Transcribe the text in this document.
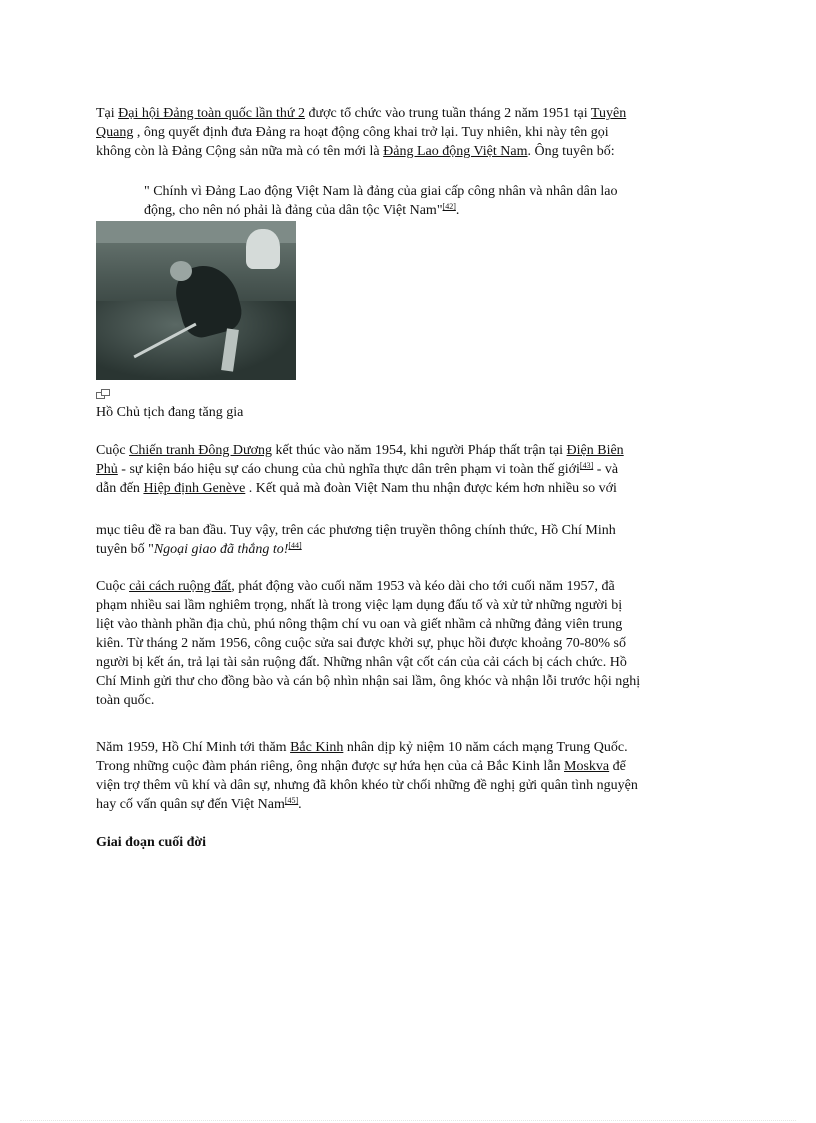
Tại Đại hội Đảng toàn quốc lần thứ 2 được tổ chức vào trung tuần tháng 2 năm 1951 tại Tuyên
Quang , ông quyết định đưa Đảng ra hoạt động công khai trở lại. Tuy nhiên, khi này tên gọi
không còn là Đảng Cộng sản nữa mà có tên mới là Đảng Lao động Việt Nam. Ông tuyên bố:
" Chính vì Đảng Lao động Việt Nam là đảng của giai cấp công nhân và nhân dân lao
động, cho nên nó phải là đảng của dân tộc Việt Nam"[42].
Hồ Chủ tịch đang tăng gia
Cuộc Chiến tranh Đông Dương kết thúc vào năm 1954, khi người Pháp thất trận tại Điện Biên
Phủ - sự kiện báo hiệu sự cáo chung của chủ nghĩa thực dân trên phạm vi toàn thế giới[43] - và
dẫn đến Hiệp định Genève . Kết quả mà đoàn Việt Nam thu nhận được kém hơn nhiều so với
mục tiêu đề ra ban đầu. Tuy vậy, trên các phương tiện truyền thông chính thức, Hồ Chí Minh
tuyên bố "Ngoại giao đã thắng to![44]
Cuộc cải cách ruộng đất, phát động vào cuối năm 1953 và kéo dài cho tới cuối năm 1957, đã
phạm nhiều sai lầm nghiêm trọng, nhất là trong việc lạm dụng đấu tố và xử tử những người bị
liệt vào thành phần địa chủ, phú nông thậm chí vu oan và giết nhầm cả những đảng viên trung
kiên. Từ tháng 2 năm 1956, công cuộc sửa sai được khởi sự, phục hồi được khoảng 70-80% số
người bị kết án, trả lại tài sản ruộng đất. Những nhân vật cốt cán của cải cách bị cách chức. Hồ
Chí Minh gửi thư cho đồng bào và cán bộ nhìn nhận sai lầm, ông khóc và nhận lỗi trước hội nghị
toàn quốc.
Năm 1959, Hồ Chí Minh tới thăm Bắc Kinh nhân dịp kỷ niệm 10 năm cách mạng Trung Quốc.
Trong những cuộc đàm phán riêng, ông nhận được sự hứa hẹn của cả Bắc Kinh lẫn Moskva để
viện trợ thêm vũ khí và dân sự, nhưng đã khôn khéo từ chối những đề nghị gửi quân tình nguyện
hay cố vấn quân sự đến Việt Nam[45].
Giai đoạn cuối đời
